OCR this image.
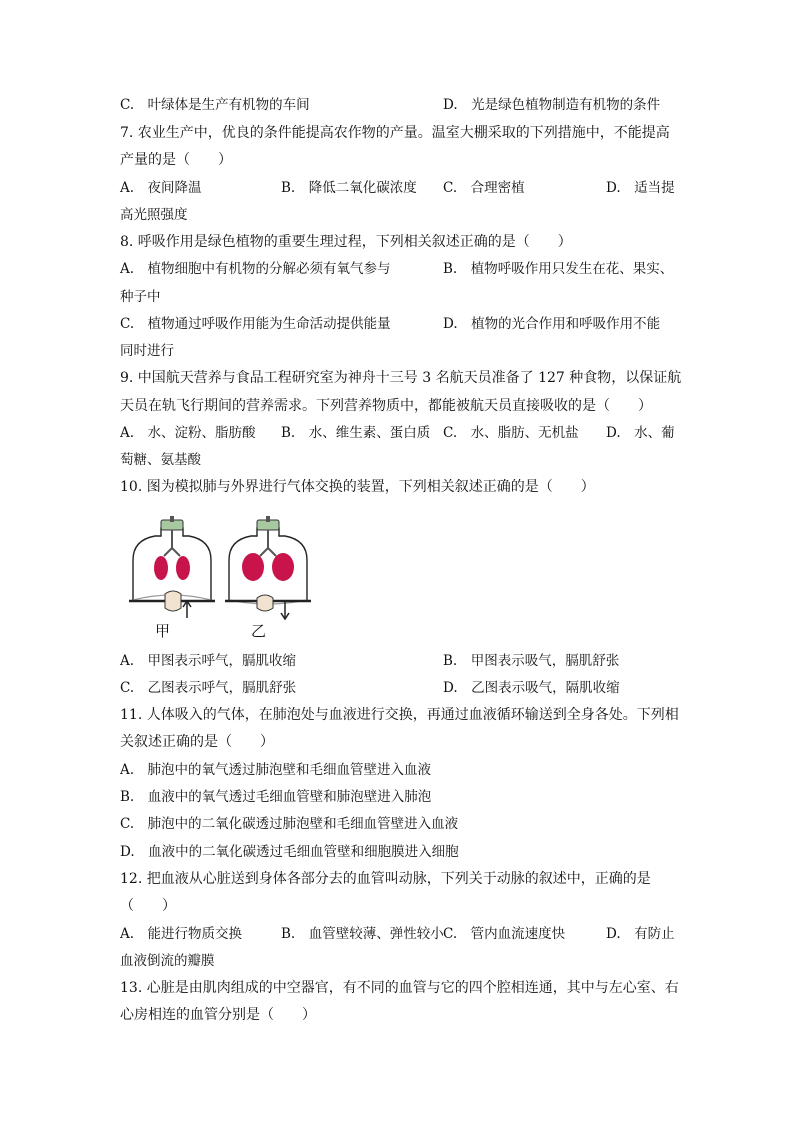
C.　叶绿体是生产有机物的车间	D.　光是绿色植物制造有机物的条件
7. 农业生产中，优良的条件能提高农作物的产量。温室大棚采取的下列措施中，不能提高
产量的是（　　）
A.　夜间降温	B.　降低二氧化碳浓度 C.　合理密植	D.　适当提
高光照强度
8. 呼吸作用是绿色植物的重要生理过程，下列相关叙述正确的是（　　）
A.　植物细胞中有机物的分解必须有氧气参与	B.　植物呼吸作用只发生在花、果实、
种子中
C.　植物通过呼吸作用能为生命活动提供能量	D.　植物的光合作用和呼吸作用不能
同时进行
9. 中国航天营养与食品工程研究室为神舟十三号 3 名航天员准备了 127 种食物，以保证航
天员在轨飞行期间的营养需求。下列营养物质中，都能被航天员直接吸收的是（　　）
A.　水、淀粉、脂肪酸 B.　水、维生素、蛋白质 C.　水、脂肪、无机盐 D.　水、葡
萄糖、氨基酸
10. 图为模拟肺与外界进行气体交换的装置，下列相关叙述正确的是（　　）
甲	乙
A.　甲图表示呼气，膈肌收缩	B.　甲图表示吸气，膈肌舒张
C.　乙图表示呼气，膈肌舒张	D.　乙图表示吸气，隔肌收缩
11. 人体吸入的气体，在肺泡处与血液进行交换，再通过血液循环输送到全身各处。下列相
关叙述正确的是（　　）
A.　肺泡中的氧气透过肺泡壁和毛细血管壁进入血液
B.　血液中的氧气透过毛细血管壁和肺泡壁进入肺泡
C.　肺泡中的二氧化碳透过肺泡壁和毛细血管壁进入血液
D.　血液中的二氧化碳透过毛细血管壁和细胞膜进入细胞
12. 把血液从心脏送到身体各部分去的血管叫动脉，下列关于动脉的叙述中，正确的是
（　　）
A.　能进行物质交换	B.　血管壁较薄、弹性较小 C.　管内血流速度快	D.　有防止
血液倒流的瓣膜
13. 心脏是由肌肉组成的中空器官，有不同的血管与它的四个腔相连通，其中与左心室、右
心房相连的血管分别是（　　）
